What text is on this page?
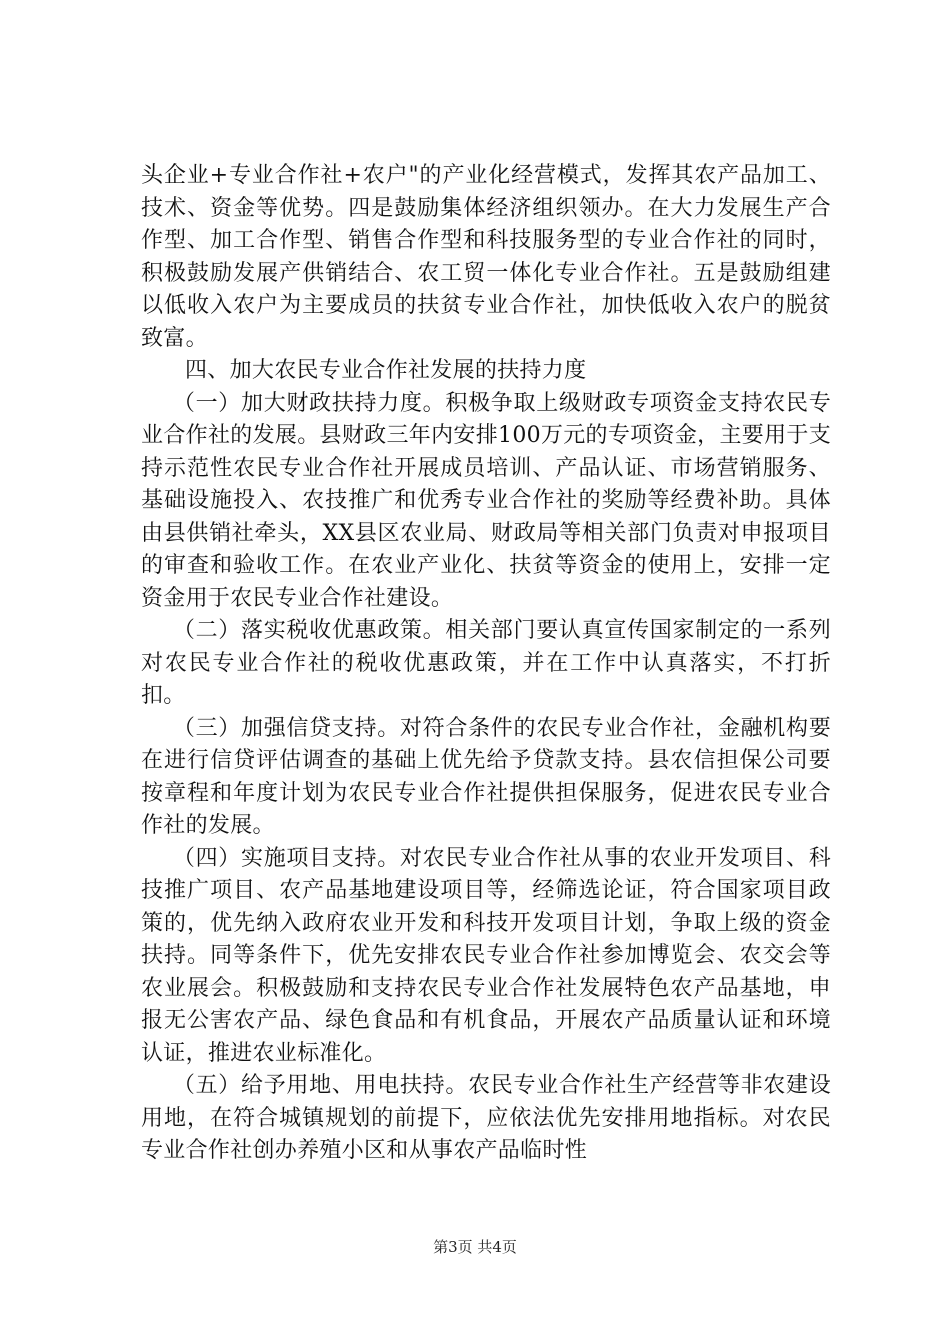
头企业+专业合作社+农户"的产业化经营模式，发挥其农产品加工、技术、资金等优势。四是鼓励集体经济组织领办。在大力发展生产合作型、加工合作型、销售合作型和科技服务型的专业合作社的同时，积极鼓励发展产供销结合、农工贸一体化专业合作社。五是鼓励组建以低收入农户为主要成员的扶贫专业合作社，加快低收入农户的脱贫致富。

四、加大农民专业合作社发展的扶持力度

（一）加大财政扶持力度。积极争取上级财政专项资金支持农民专业合作社的发展。县财政三年内安排100万元的专项资金，主要用于支持示范性农民专业合作社开展成员培训、产品认证、市场营销服务、基础设施投入、农技推广和优秀专业合作社的奖励等经费补助。具体由县供销社牵头，XX县区农业局、财政局等相关部门负责对申报项目的审查和验收工作。在农业产业化、扶贫等资金的使用上，安排一定资金用于农民专业合作社建设。

（二）落实税收优惠政策。相关部门要认真宣传国家制定的一系列对农民专业合作社的税收优惠政策，并在工作中认真落实，不打折扣。

（三）加强信贷支持。对符合条件的农民专业合作社，金融机构要在进行信贷评估调查的基础上优先给予贷款支持。县农信担保公司要按章程和年度计划为农民专业合作社提供担保服务，促进农民专业合作社的发展。

（四）实施项目支持。对农民专业合作社从事的农业开发项目、科技推广项目、农产品基地建设项目等，经筛选论证，符合国家项目政策的，优先纳入政府农业开发和科技开发项目计划，争取上级的资金扶持。同等条件下，优先安排农民专业合作社参加博览会、农交会等农业展会。积极鼓励和支持农民专业合作社发展特色农产品基地，申报无公害农产品、绿色食品和有机食品，开展农产品质量认证和环境认证，推进农业标准化。

（五）给予用地、用电扶持。农民专业合作社生产经营等非农建设用地，在符合城镇规划的前提下，应依法优先安排用地指标。对农民专业合作社创办养殖小区和从事农产品临时性

第3页 共4页
